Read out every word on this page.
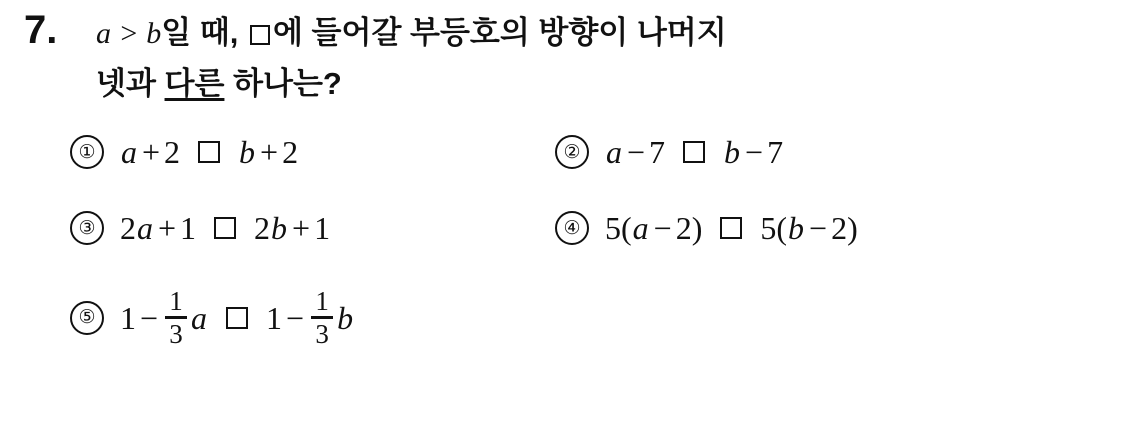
7. a > b일 때, 에 들어갈 부등호의 방향이 나머지
넷과 다른 하나는?
① a + 2 b + 2	② a − 7 b − 7
③ 2 a + 1 2 b + 1	④ 5 ( a − 2 ) 5 ( b − 2 )
⑤ $1 - \frac{1}{3}$ a $1 - \frac{1}{3}$ b
